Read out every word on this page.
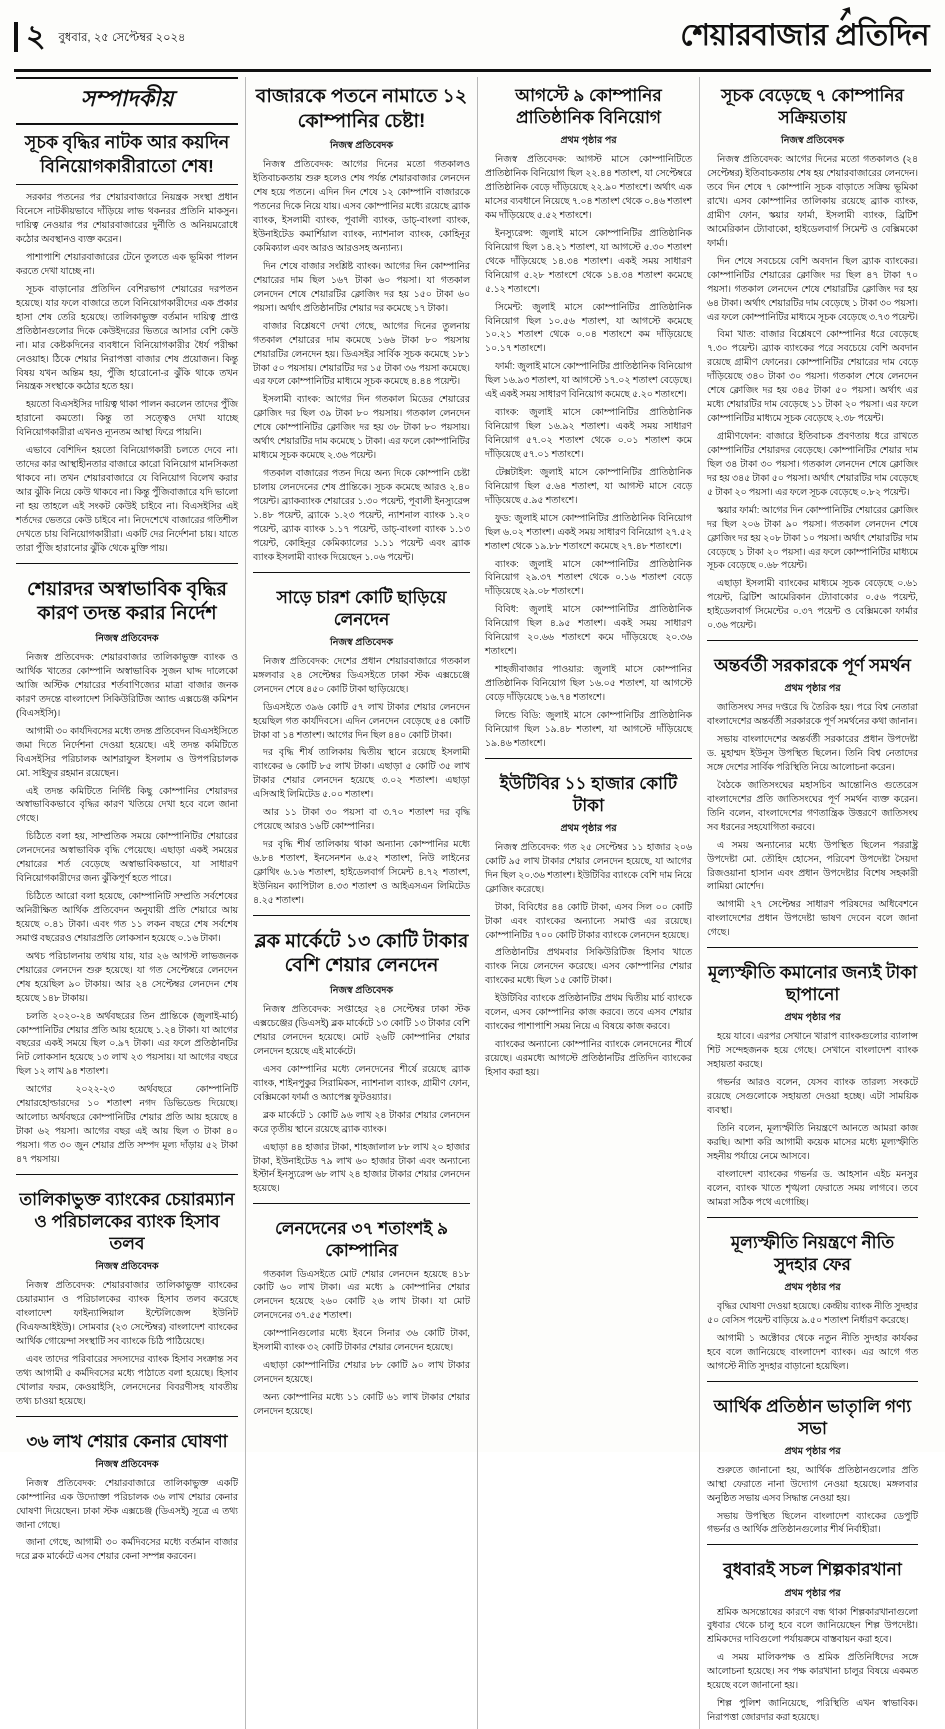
২	বুধবার, ২৫ সেপ্টেম্বর ২০২৪
➚
শেয়ারবাজার প্রতিদিন
সম্পাদকীয়
সূচক বৃদ্ধির নাটক আর কয়দিন বিনিয়োগকারীরাতো শেষ!

সরকার পতনের পর শেয়ারবাজারে নিয়ন্ত্রক সংস্থা প্রধান বিনেসে নাটকীয়ভাবে দাঁড়িয়ে লাভ থকনরর প্রতিনি মাকসুন। দায়িত্ব নেওয়ার পর শেয়ারবাজারের দুর্নীতি ও অনিয়মরোধে কঠোর অবস্থানও ব্যক্ত করেন।

পাশাপাশি শেয়ারবাজারের টেনে তুলতে এক ভূমিকা পালন করতে দেখা যাচ্ছে না।

সূচক বাড়ানোর প্রতিদিন বেশিরভাগ শেয়ারের দরপতন হয়েছে। যার ফলে বাজারে তলে বিনিয়োগকারীদের এক প্রকার হাসা শেষ তেরি হয়েছে। তালিকাভুক্ত বর্তমান দায়িত্ব প্রাপ্ত প্রতিষ্ঠানগুলোর দিকে কেউইদরের ভিতরে আসার বেশি কেউ না। মার কেষ্টকদিনের ব্যবধানে বিনিয়োগকারীর ধৈর্য পরীক্ষা নেওয়াহ। ঠিকে শেয়ার নিরাপত্তা বাজার শেষ প্রয়োজন। কিন্তু বিষয় যখন অন্তিম হয়, পুঁজি হারোনো-র ঝুঁকি থাকে তখন নিয়ন্ত্রক সংস্থাকে কঠোর হতে হয়।

হয়তো বিএসইসির দায়িত্ব থাকা পালন করলেন তাদের পুঁজি হারানো কমতো। কিন্তু তা সত্ত্বেও দেখা যাচ্ছে বিনিয়োগকারীরা এখনও ন্যূনতম আস্থা ফিরে পায়নি।

এভাবে বেশিদিন হয়তো বিনিয়োগকারী চলতে দেবে না। তাদের কার আস্থাহীনতার বাজারে কারো বিনিয়োগ মানসিকতা থাকবে না। তখন শেয়ারবাজারে যে বিনিয়োগ বিলেখ করার আর ঝুঁকি নিয়ে কেউ থাকবে না। কিন্তু পুঁজিবাজারে যদি ভালো না হয় তাহলে এই সংকট কেউই চাইবে না। বিএসইসির এই শর্তদের ভেতরে কেউ চাইবে না। নিদেশেখে বাজারের গতিশীল দেখতে চায় বিনিয়োগকারীরা। একটি দের নির্দেশনা চায়। যাতে তারা পুঁজি হারানোর ঝুঁকি থেকে মুক্তি পায়।

শেয়ারদর অস্বাভাবিক বৃদ্ধির কারণ তদন্ত করার নির্দেশ
নিজস্ব প্রতিবেদক

নিজস্ব প্রতিবেদক: শেয়ারবাজার তালিকাভুক্ত ব্যাংক ও আর্থিক খাতের কোম্পানি অস্বাভাবিক সুজন ঘাদ্দ দালেকো আজি অস্টিক শেয়ারের শর্তবাণিজ্যের মাত্রা বাজার জনক কারণ তদন্তে বাংলাদেশ সিকিউরিটিজ অ্যান্ড এক্সচেঞ্জ কমিশন (বিএসইসি)।

আগামী ৩০ কার্যদিবসের মধ্যে তদন্ত প্রতিবেদন বিএসইসিতে জমা দিতে নির্দেশনা দেওয়া হয়েছে। এই তদন্ত কমিটিতে বিএসইসির পরিচালক আশরাফুল ইসলাম ও উপপরিচালক মো. সাইফুর রহমান রয়েছেন।

এই তদন্ত কমিটিতে নির্দিষ্ট কিছু কোম্পানির শেয়ারদর অস্বাভাবিকভাবে বৃদ্ধির কারণ খতিয়ে দেখা হবে বলে জানা গেছে।

চিঠিতে বলা হয়, সাম্প্রতিক সময়ে কোম্পানিটির শেয়ারের লেনদেনের অস্বাভাবিক বৃদ্ধি পেয়েছে। এছাড়া একই সময়ের শেয়ারের শর্ত বেড়েছে অস্বাভাবিকভাবে, যা সাধারণ বিনিয়োগকারীদের জন্য ঝুঁকিপূর্ণ হতে পারে।

চিঠিতে আরো বলা হয়েছে, কোম্পানিটি সম্প্রতি সর্বশেষের অনিরীক্ষিত আর্থিক প্রতিবেদন অনুযায়ী প্রতি শেয়ারে আয় হয়েছে ০.৪১ টাকা। এবং গত ১১ লকন বছরে শেষ সর্বশেষ সমাপ্ত বছরেরও শেয়ারপ্রতি লোকসান হয়েছে ০.১৬ টাকা।

অথচ পরিচালনায় তথায় যায়, যার ২৬ আগস্ট লাভজনক শেয়ারের লেনদেন শুরু হয়েছে। যা গত সেপ্টেম্বরে লেনদেন শেষ হয়েছিল ৯০ টাকায়। আর ২৪ সেপ্টেম্বর লেনদেন শেষ হয়েছে ১৪৮ টাকায়।

চলতি ২০২০-২৪ অর্থবছরের তিন প্রান্তিকে (জুলাই-মার্চ) কোম্পানিটির শেয়ার প্রতি আয় হয়েছে ১.২৪ টাকা। যা আগের বছরের একই সময়ে ছিল ০.৯৭ টাকা। এর ফলে প্রতিষ্ঠানটির নিট লোকসান হয়েছে ১৩ লাখ ২৩ পয়সায়। যা আগের বছরে ছিল ১২ লাখ ৯৪ শতাংশ।

আগের ২০২২-২৩ অর্থবছরে কোম্পানিটি শেয়ারহোল্ডারদের ১০ শতাংশ নগদ ডিভিডেন্ড দিয়েছে। আলোচ্য অর্থবছরে কোম্পানিটির শেয়ার প্রতি আয় হয়েছে ৪ টাকা ৬২ পয়সা। আগের বছর এই আয় ছিল ৩ টাকা ৪০ পয়সা। গত ৩০ জুন শেয়ার প্রতি সম্পদ মূল্য দাঁড়ায় ৫২ টাকা ৪৭ পয়সায়।

তালিকাভুক্ত ব্যাংকের চেয়ারম্যান ও পরিচালকের ব্যাংক হিসাব তলব
নিজস্ব প্রতিবেদক

নিজস্ব প্রতিবেদক: শেয়ারবাজার তালিকাভুক্ত ব্যাংকের চেয়ারম্যান ও পরিচালকের ব্যাংক হিসাব তলব করেছে বাংলাদেশ ফাইন্যান্সিয়াল ইন্টেলিজেন্স ইউনিট (বিএফআইইউ)। সোমবার (২৩ সেপ্টেম্বর) বাংলাদেশ ব্যাংকের আর্থিক গোয়েন্দা সংস্থাটি সব ব্যাংকে চিঠি পাঠিয়েছে।

এবং তাদের পরিবারের সদস্যদের ব্যাংক হিসাব সংক্রান্ত সব তথ্য আগামী ৫ কর্মদিবসের মধ্যে পাঠাতে বলা হয়েছে। হিসাব খোলার ফরম, কেওয়াইসি, লেনদেনের বিবরণীসহ যাবতীয় তথ্য চাওয়া হয়েছে।

৩৬ লাখ শেয়ার কেনার ঘোষণা
নিজস্ব প্রতিবেদক

নিজস্ব প্রতিবেদক: শেয়ারবাজারে তালিকাভুক্ত একটি কোম্পানির এক উদ্যোক্তা পরিচালক ৩৬ লাখ শেয়ার কেনার ঘোষণা দিয়েছেন। ঢাকা স্টক এক্সচেঞ্জ (ডিএসই) সূত্রে এ তথ্য জানা গেছে।

জানা গেছে, আগামী ৩০ কর্মদিবসের মধ্যে বর্তমান বাজার দরে ব্লক মার্কেটে এসব শেয়ার কেনা সম্পন্ন করবেন।

বাজারকে পতনে নামাতে ১২ কোম্পানির চেষ্টা!
নিজস্ব প্রতিবেদক

নিজস্ব প্রতিবেদক: আগের দিনের মতো গতকালও ইতিবাচকতায় শুরু হলেও শেষ পর্যন্ত শেয়ারবাজার লেনদেন শেষ হয়ে পতনে। এদিন দিন শেষে ১২ কোম্পানি বাজারকে পতনের দিকে নিয়ে যায়। এসব কোম্পানির মধ্যে রয়েছে ব্র্যাক ব্যাংক, ইসলামী ব্যাংক, পূবালী ব্যাংক, ডাচ্-বাংলা ব্যাংক, ইউনাইটেড কমার্শিয়াল ব্যাংক, ন্যাশনাল ব্যাংক, কোহিনূর কেমিক্যাল এবং আরও আরওসহ অন্যান্য।

দিন শেষে বাজার সংশ্লিষ্ট ব্যাংক। আগের দিন কোম্পানির শেয়ারের দাম ছিল ১৬৭ টাকা ৬০ পয়সা। যা গতকাল লেনদেন শেষে শেয়ারটির ক্লোজিং দর হয় ১৫০ টাকা ৬০ পয়সা। অর্থাৎ প্রতিষ্ঠানটির শেয়ার দর কমেছে ১৭ টাকা।

বাজার বিশ্লেষণে দেখা গেছে, আগের দিনের তুলনায় গতকাল শেয়ারের দাম কমেছে ১৬৬ টাকা ৮০ পয়সায় শেয়ারটির লেনদেন হয়। ডিএসইর সার্বিক সূচক কমেছে ১৮১ টাকা ৫০ পয়সায়। শেয়ারটির দর ১৫ টাকা ৩৬ পয়সা কমেছে। এর ফলে কোম্পানিটির মাধ্যমে সূচক কমেছে ৪.৪৪ পয়েন্ট।

ইসলামী ব্যাংক: আগের দিন গতকাল মিডের শেয়ারের ক্লোজিং দর ছিল ৩৯ টাকা ৮০ পয়সায়। গতকাল লেনদেন শেষে কোম্পানিটির ক্লোজিং দর হয় ৩৮ টাকা ৮০ পয়সায়। অর্থাৎ শেয়ারটির দাম কমেছে ১ টাকা। এর ফলে কোম্পানিটির মাধ্যমে সূচক কমেছে ২.৩৬ পয়েন্ট।

গতকাল বাজারের পতন দিয়ে অন্য দিকে কোম্পানি চেষ্টা চালায় লেনদেনের শেষ প্রান্তিকে। সূচক কমেছে আরও ২.৪০ পয়েন্ট। ব্র্যাকব্যাংক শেয়ারের ১.৩০ পয়েন্ট, পূবালী ইনস্যুরেন্স ১.৪৮ পয়েন্ট, ব্র্যাকে ১.২৩ পয়েন্ট, ন্যাশনাল ব্যাংক ১.২০ পয়েন্ট, ব্র্যাক ব্যাংক ১.১৭ পয়েন্ট, ডাচ্-বাংলা ব্যাংক ১.১৩ পয়েন্ট, কোহিনূর কেমিক্যালের ১.১১ পয়েন্ট এবং ব্র্যাক ব্যাংক ইসলামী ব্যাংক দিয়েছেন ১.০৬ পয়েন্ট।

সাড়ে চারশ কোটি ছাড়িয়ে লেনদেন
নিজস্ব প্রতিবেদক

নিজস্ব প্রতিবেদক: দেশের প্রধান শেয়ারবাজারে গতকাল মঙ্গলবার ২৪ সেপ্টেম্বর ডিএসইতে ঢাকা স্টক এক্সচেঞ্জে লেনদেন শেষে ৪৫০ কোটি টাকা ছাড়িয়েছে।

ডিএসইতে ৩৯৬ কোটি ৫৭ লাখ টাকার শেয়ার লেনদেন হয়েছিল গত কার্যদিবসে। এদিন লেনদেন বেড়েছে ৫৪ কোটি টাকা বা ১৪ শতাংশ। আগের দিন ছিল ৪৪০ কোটি টাকা।

দর বৃদ্ধি শীর্ষ তালিকায় দ্বিতীয় স্থানে রয়েছে ইসলামী ব্যাংকের ৬ কোটি ৮৫ লাখ টাকা। এছাড়া ৫ কোটি ৩৫ লাখ টাকার শেয়ার লেনদেন হয়েছে ৩.০২ শতাংশ। এছাড়া এসিআই লিমিটেড ৫.০০ শতাংশ।

আর ১১ টাকা ৩০ পয়সা বা ৩.৭০ শতাংশ দর বৃদ্ধি পেয়েছে আরও ১৬টি কোম্পানির।

দর বৃদ্ধি শীর্ষ তালিকায় থাকা অন্যান্য কোম্পানির মধ্যে ৬.৮৪ শতাংশ, ইনসেনশন ৬.৫২ শতাংশ, নিউ লাইনের ক্লোথিং ৬.১৬ শতাংশ, হাইডেলবার্গ সিমেন্ট ৪.৭২ শতাংশ, ইউনিয়ন ক্যাপিটাল ৪.৩৩ শতাংশ ও আইএসএন লিমিটেড ৪.২৫ শতাংশ।

ব্লক মার্কেটে ১৩ কোটি টাকার বেশি শেয়ার লেনদেন
নিজস্ব প্রতিবেদক

নিজস্ব প্রতিবেদক: সপ্তাহের ২৪ সেপ্টেম্বর ঢাকা স্টক এক্সচেঞ্জের (ডিএসই) ব্লক মার্কেটে ১৩ কোটি ১৩ টাকার বেশি শেয়ার লেনদেন হয়েছে। মোট ২৬টি কোম্পানির শেয়ার লেনদেন হয়েছে এই মার্কেটে।

এসব কোম্পানির মধ্যে লেনদেনের শীর্ষে রয়েছে ব্র্যাক ব্যাংক, শাইনপুকুর সিরামিকস, ন্যাশনাল ব্যাংক, গ্রামীণ ফোন, বেক্সিমকো ফার্মা ও অ্যাপেক্স ফুটওয়্যার।

ব্লক মার্কেটে ১ কোটি ৯৬ লাখ ২৪ টাকার শেয়ার লেনদেন করে তৃতীয় স্থানে রয়েছে ব্র্যাক ব্যাংক।

এছাড়া ৪৪ হাজার টাকা, শাহজালাল ৮৮ লাখ ২০ হাজার টাকা, ইউনাইটেড ৭৯ লাখ ৬০ হাজার টাকা এবং অন্যান্যে ইস্টার্ন ইনস্যুরেন্স ৬৮ লাখ ২৪ হাজার টাকার শেয়ার লেনদেন হয়েছে।

লেনদেনের ৩৭ শতাংশই ৯ কোম্পানির

গতকাল ডিএসইতে মোট শেয়ার লেনদেন হয়েছে ৪১৮ কোটি ৬০ লাখ টাকা। এর মধ্যে ৯ কোম্পানির শেয়ার লেনদেন হয়েছে ২৬০ কোটি ২৬ লাখ টাকা। যা মোট লেনদেনের ৩৭.৫৫ শতাংশ।

কোম্পানিগুলোর মধ্যে ইবনে সিনার ৩৬ কোটি টাকা, ইসলামী ব্যাংক ৩২ কোটি টাকার শেয়ার লেনদেন হয়েছে।

এছাড়া কোম্পানিটির শেয়ার ৮৮ কোটি ৯০ লাখ টাকার লেনদেন হয়েছে।

অন্য কোম্পানির মধ্যে ১১ কোটি ৬১ লাখ টাকার শেয়ার লেনদেন হয়েছে।

আগস্টে ৯ কোম্পানির প্রাতিষ্ঠানিক বিনিয়োগ
প্রথম পৃষ্ঠার পর

নিজস্ব প্রতিবেদক: আগস্ট মাসে কোম্পানিটিতে প্রাতিষ্ঠানিক বিনিয়োগ ছিল ২২.৪৪ শতাংশ, যা সেপ্টেম্বরে প্রাতিষ্ঠানিক বেড়ে দাঁড়িয়েছে ২২.৯০ শতাংশে। অর্থাৎ এক মাসের ব্যবধানে নিয়েছে ৭.০৪ শতাংশ থেকে ০.৪৬ শতাংশ কম দাঁড়িয়েছে ৫.৫২ শতাংশে।

ইনস্যুরেন্স: জুলাই মাসে কোম্পানিটির প্রাতিষ্ঠানিক বিনিয়োগ ছিল ১৪.২১ শতাংশ, যা আগস্টে ৫.৩০ শতাংশ থেকে দাঁড়িয়েছে ১৪.৩৪ শতাংশ। একই সময় সাধারণ বিনিয়োগ ৫.২৮ শতাংশে থেকে ১৪.৩৪ শতাংশ কমেছে ৫.১২ শতাংশে।

সিমেন্ট: জুলাই মাসে কোম্পানিটির প্রাতিষ্ঠানিক বিনিয়োগ ছিল ১০.৫৬ শতাংশ, যা আগস্টে কমেছে ১০.২১ শতাংশ থেকে ০.০৪ শতাংশে কম দাঁড়িয়েছে ১০.১৭ শতাংশে।

ফার্মা: জুলাই মাসে কোম্পানিটির প্রাতিষ্ঠানিক বিনিয়োগ ছিল ১৬.৯৩ শতাংশ, যা আগস্টে ১৭.০২ শতাংশ বেড়েছে। এই একই সময় সাধারণ বিনিয়োগ কমেছে ৫.২০ শতাংশে।

ব্যাংক: জুলাই মাসে কোম্পানিটির প্রাতিষ্ঠানিক বিনিয়োগ ছিল ১৬.৯২ শতাংশ। একই সময় সাধারণ বিনিয়োগ ৫৭.০২ শতাংশ থেকে ০.০১ শতাংশ কমে দাঁড়িয়েছে ৫৭.০১ শতাংশে।

টেক্সটাইল: জুলাই মাসে কোম্পানিটির প্রাতিষ্ঠানিক বিনিয়োগ ছিল ৫.৬৪ শতাংশ, যা আগস্ট মাসে বেড়ে দাঁড়িয়েছে ৫.৯৫ শতাংশে।

ফুড: জুলাই মাসে কোম্পানিটির প্রাতিষ্ঠানিক বিনিয়োগ ছিল ৬.০২ শতাংশ। একই সময় সাধারণ বিনিয়োগ ২৭.৫২ শতাংশ থেকে ১৯.৮৮ শতাংশে কমেছে ২৭.৪৮ শতাংশে।

ব্যাংক: জুলাই মাসে কোম্পানিটির প্রাতিষ্ঠানিক বিনিয়োগ ২৯.৩৭ শতাংশ থেকে ০.১৬ শতাংশ বেড়ে দাঁড়িয়েছে ২৯.০৮ শতাংশে।

বিবিধ: জুলাই মাসে কোম্পানিটির প্রাতিষ্ঠানিক বিনিয়োগ ছিল ৪.৯৫ শতাংশ। একই সময় সাধারণ বিনিয়োগ ২০.৬৬ শতাংশে কমে দাঁড়িয়েছে ২০.৩৬ শতাংশে।

শাহজীবাজার পাওয়ার: জুলাই মাসে কোম্পানির প্রাতিষ্ঠানিক বিনিয়োগ ছিল ১৬.০৫ শতাংশ, যা আগস্টে বেড়ে দাঁড়িয়েছে ১৬.৭৪ শতাংশে।

লিন্ডে বিডি: জুলাই মাসে কোম্পানিটির প্রাতিষ্ঠানিক বিনিয়োগ ছিল ১৯.৪৮ শতাংশ, যা আগস্টে দাঁড়িয়েছে ১৯.৪৬ শতাংশে।

ইউটিবির ১১ হাজার কোটি টাকা
প্রথম পৃষ্ঠার পর

নিজস্ব প্রতিবেদক: গত ২৫ সেপ্টেম্বর ১১ হাজার ২০৬ কোটি ৯৫ লাখ টাকার শেয়ার লেনদেন হয়েছে, যা আগের দিন ছিল ২০.৩৬ শতাংশ। ইউটিবির ব্যাংকে বেশি দাম নিয়ে ক্লোজিং করেছে।

টাকা, বিবিধের ৪৪ কোটি টাকা, এসব সিল ০০ কোটি টাকা এবং ব্যাংকের অন্যান্যে সমাপ্ত এর রয়েছে। কোম্পানিটির ৭০০ কোটি টাকার ব্যাংকে লেনদেন হয়েছে।

প্রতিষ্ঠানটির প্রথমবার সিকিউরিটিজ হিসাব খাতে ব্যাংক নিয়ে লেনদেন করেছে। এসব কোম্পানির শেয়ার ব্যাংকের মধ্যে ছিল ১৫ কোটি টাকা।

ইউটিবির ব্যাংকে প্রতিষ্ঠানটির প্রথম দ্বিতীয় মার্চ ব্যাংকে বলেন, এসব কোম্পানির কাজ করবে। তবে এসব শেয়ার ব্যাংকের পাশাপাশি সময় নিয়ে এ বিষয়ে কাজ করবে।

ব্যাংকের অন্যান্যে কোম্পানির ব্যাংকে লেনদেনের শীর্ষে রয়েছে। এরমধ্যে আগস্টে প্রতিষ্ঠানটির প্রতিদিন ব্যাংকের হিসাব করা হয়।

সূচক বেড়েছে ৭ কোম্পানির সক্রিয়তায়
নিজস্ব প্রতিবেদক

নিজস্ব প্রতিবেদক: আগের দিনের মতো গতকালও (২৪ সেপ্টেম্বর) ইতিবাচকতায় শেষ হয় শেয়ারবাজারের লেনদেন। তবে দিন শেষে ৭ কোম্পানি সূচক বাড়াতে সক্রিয় ভূমিকা রাখে। এসব কোম্পানির তালিকায় রয়েছে ব্র্যাক ব্যাংক, গ্রামীণ ফোন, স্কয়ার ফার্মা, ইসলামী ব্যাংক, ব্রিটিশ আমেরিকান ট্যোবাকো, হাইডেলবার্গ সিমেন্ট ও বেক্সিমকো ফার্মা।

দিন শেষে সবচেয়ে বেশি অবদান ছিল ব্র্যাক ব্যাংকের। কোম্পানিটির শেয়ারের ক্লোজিং দর ছিল ৪৭ টাকা ৭০ পয়সা। গতকাল লেনদেন শেষে শেয়ারটির ক্লোজিং দর হয় ৬৪ টাকা। অর্থাৎ শেয়ারটির দাম বেড়েছে ১ টাকা ৩০ পয়সা। এর ফলে কোম্পানিটির মাধ্যমে সূচক বেড়েছে ৩.৭৩ পয়েন্ট।

বিমা খাত: বাজার বিশ্লেষণে কোম্পানির ধরে বেড়েছে ৭.৩০ পয়েন্ট। ব্র্যাক ব্যাংকের পরে সবচেয়ে বেশি অবদান রয়েছে গ্রামীণ ফোনের। কোম্পানিটির শেয়ারের দাম বেড়ে দাঁড়িয়েছে ৩৪০ টাকা ৩০ পয়সা। গতকাল শেষে লেনদেন শেষে ক্লোজিং দর হয় ৩৪৫ টাকা ৫০ পয়সা। অর্থাৎ এর মধ্যে শেয়ারটির দাম বেড়েছে ১১ টাকা ২০ পয়সা। এর ফলে কোম্পানিটির মাধ্যমে সূচক বেড়েছে ২.৩৮ পয়েন্ট।

গ্রামীণফোন: বাজারে ইতিবাচক প্রবণতায় ধরে রাখতে কোম্পানিটির শেয়ারদর বেড়েছে। কোম্পানিটির শেয়ার দাম ছিল ৩৪ টাকা ৩০ পয়সা। গতকাল লেনদেন শেষে ক্লোজিং দর হয় ৩৪৫ টাকা ৫০ পয়সা। অর্থাৎ শেয়ারটির দাম বেড়েছে ৫ টাকা ২০ পয়সা। এর ফলে সূচক বেড়েছে ০.৮২ পয়েন্ট।

স্কয়ার ফার্মা: আগের দিন কোম্পানিটির শেয়ারের ক্লোজিং দর ছিল ২০৬ টাকা ৯০ পয়সা। গতকাল লেনদেন শেষে ক্লোজিং দর হয় ২০৮ টাকা ১০ পয়সা। অর্থাৎ শেয়ারটির দাম বেড়েছে ১ টাকা ২০ পয়সা। এর ফলে কোম্পানিটির মাধ্যমে সূচক বেড়েছে ০.৬৮ পয়েন্ট।

এছাড়া ইসলামী ব্যাংকের মাধ্যমে সূচক বেড়েছে ০.৬১ পয়েন্ট, ব্রিটিশ আমেরিকান ট্যোবাকোর ০.৫৬ পয়েন্ট, হাইডেলবার্গ সিমেন্টের ০.৩৭ পয়েন্ট ও বেক্সিমকো ফার্মার ০.৩৬ পয়েন্ট।

অন্তর্বর্তী সরকারকে পূর্ণ সমর্থন
প্রথম পৃষ্ঠার পর

জাতিসংঘ সদর দপ্তরে দ্বি তৈরিক হয়। পরে বিশ্ব নেতারা বাংলাদেশের অন্তর্বর্তী সরকারকে পূর্ণ সমর্থনের কথা জানান।

সভায় বাংলাদেশের অন্তর্বর্তী সরকারের প্রধান উপদেষ্টা ড. মুহাম্মদ ইউনূস উপস্থিত ছিলেন। তিনি বিশ্ব নেতাদের সঙ্গে দেশের সার্বিক পরিস্থিতি নিয়ে আলোচনা করেন।

বৈঠকে জাতিসংঘের মহাসচিব আন্তোনিও গুতেরেস বাংলাদেশের প্রতি জাতিসংঘের পূর্ণ সমর্থন ব্যক্ত করেন। তিনি বলেন, বাংলাদেশের গণতান্ত্রিক উত্তরণে জাতিসংঘ সব ধরনের সহযোগিতা করবে।

এ সময় অন্যান্যের মধ্যে উপস্থিত ছিলেন পররাষ্ট্র উপদেষ্টা মো. তৌহিদ হোসেন, পরিবেশ উপদেষ্টা সৈয়দা রিজওয়ানা হাসান এবং প্রধান উপদেষ্টার বিশেষ সহকারী লামিয়া মোর্শেদ।

আগামী ২৭ সেপ্টেম্বর সাধারণ পরিষদের অধিবেশনে বাংলাদেশের প্রধান উপদেষ্টা ভাষণ দেবেন বলে জানা গেছে।

মূল্যস্ফীতি কমানোর জন্যই টাকা ছাপানো
প্রথম পৃষ্ঠার পর

হয়ে যাবে। এরপর সেখানে খারাপ ব্যাংকগুলোর ব্যালান্স শিট সন্দেহজনক হয়ে গেছে। সেখানে বাংলাদেশ ব্যাংক সহায়তা করছে।

গভর্নর আরও বলেন, যেসব ব্যাংক তারল্য সংকটে রয়েছে সেগুলোকে সহায়তা দেওয়া হচ্ছে। এটা সাময়িক ব্যবস্থা।

তিনি বলেন, মূল্যস্ফীতি নিয়ন্ত্রণে আনতে আমরা কাজ করছি। আশা করি আগামী কয়েক মাসের মধ্যে মূল্যস্ফীতি সহনীয় পর্যায়ে নেমে আসবে।

বাংলাদেশ ব্যাংকের গভর্নর ড. আহসান এইচ মনসুর বলেন, ব্যাংক খাতে শৃঙ্খলা ফেরাতে সময় লাগবে। তবে আমরা সঠিক পথে এগোচ্ছি।

মূল্যস্ফীতি নিয়ন্ত্রণে নীতি সুদহার ফের
প্রথম পৃষ্ঠার পর

বৃদ্ধির ঘোষণা দেওয়া হয়েছে। কেন্দ্রীয় ব্যাংক নীতি সুদহার ৫০ বেসিস পয়েন্ট বাড়িয়ে ৯.৫০ শতাংশ নির্ধারণ করেছে।

আগামী ১ অক্টোবর থেকে নতুন নীতি সুদহার কার্যকর হবে বলে জানিয়েছে বাংলাদেশ ব্যাংক। এর আগে গত আগস্টে নীতি সুদহার বাড়ানো হয়েছিল।

আর্থিক প্রতিষ্ঠান ভাতৃালি গণ্য সভা
প্রথম পৃষ্ঠার পর

শুরুতে জানানো হয়, আর্থিক প্রতিষ্ঠানগুলোর প্রতি আস্থা ফেরাতে নানা উদ্যোগ নেওয়া হয়েছে। মঙ্গলবার অনুষ্ঠিত সভায় এসব সিদ্ধান্ত নেওয়া হয়।

সভায় উপস্থিত ছিলেন বাংলাদেশ ব্যাংকের ডেপুটি গভর্নর ও আর্থিক প্রতিষ্ঠানগুলোর শীর্ষ নির্বাহীরা।

বুধবারই সচল শিল্পকারখানা
প্রথম পৃষ্ঠার পর

শ্রমিক অসন্তোষের কারণে বন্ধ থাকা শিল্পকারখানাগুলো বুধবার থেকে চালু হবে বলে জানিয়েছেন শিল্প উপদেষ্টা। শ্রমিকদের দাবিগুলো পর্যায়ক্রমে বাস্তবায়ন করা হবে।

এ সময় মালিকপক্ষ ও শ্রমিক প্রতিনিধিদের সঙ্গে আলোচনা হয়েছে। সব পক্ষ কারখানা চালুর বিষয়ে একমত হয়েছে বলে জানানো হয়।

শিল্প পুলিশ জানিয়েছে, পরিস্থিতি এখন স্বাভাবিক। নিরাপত্তা জোরদার করা হয়েছে।
